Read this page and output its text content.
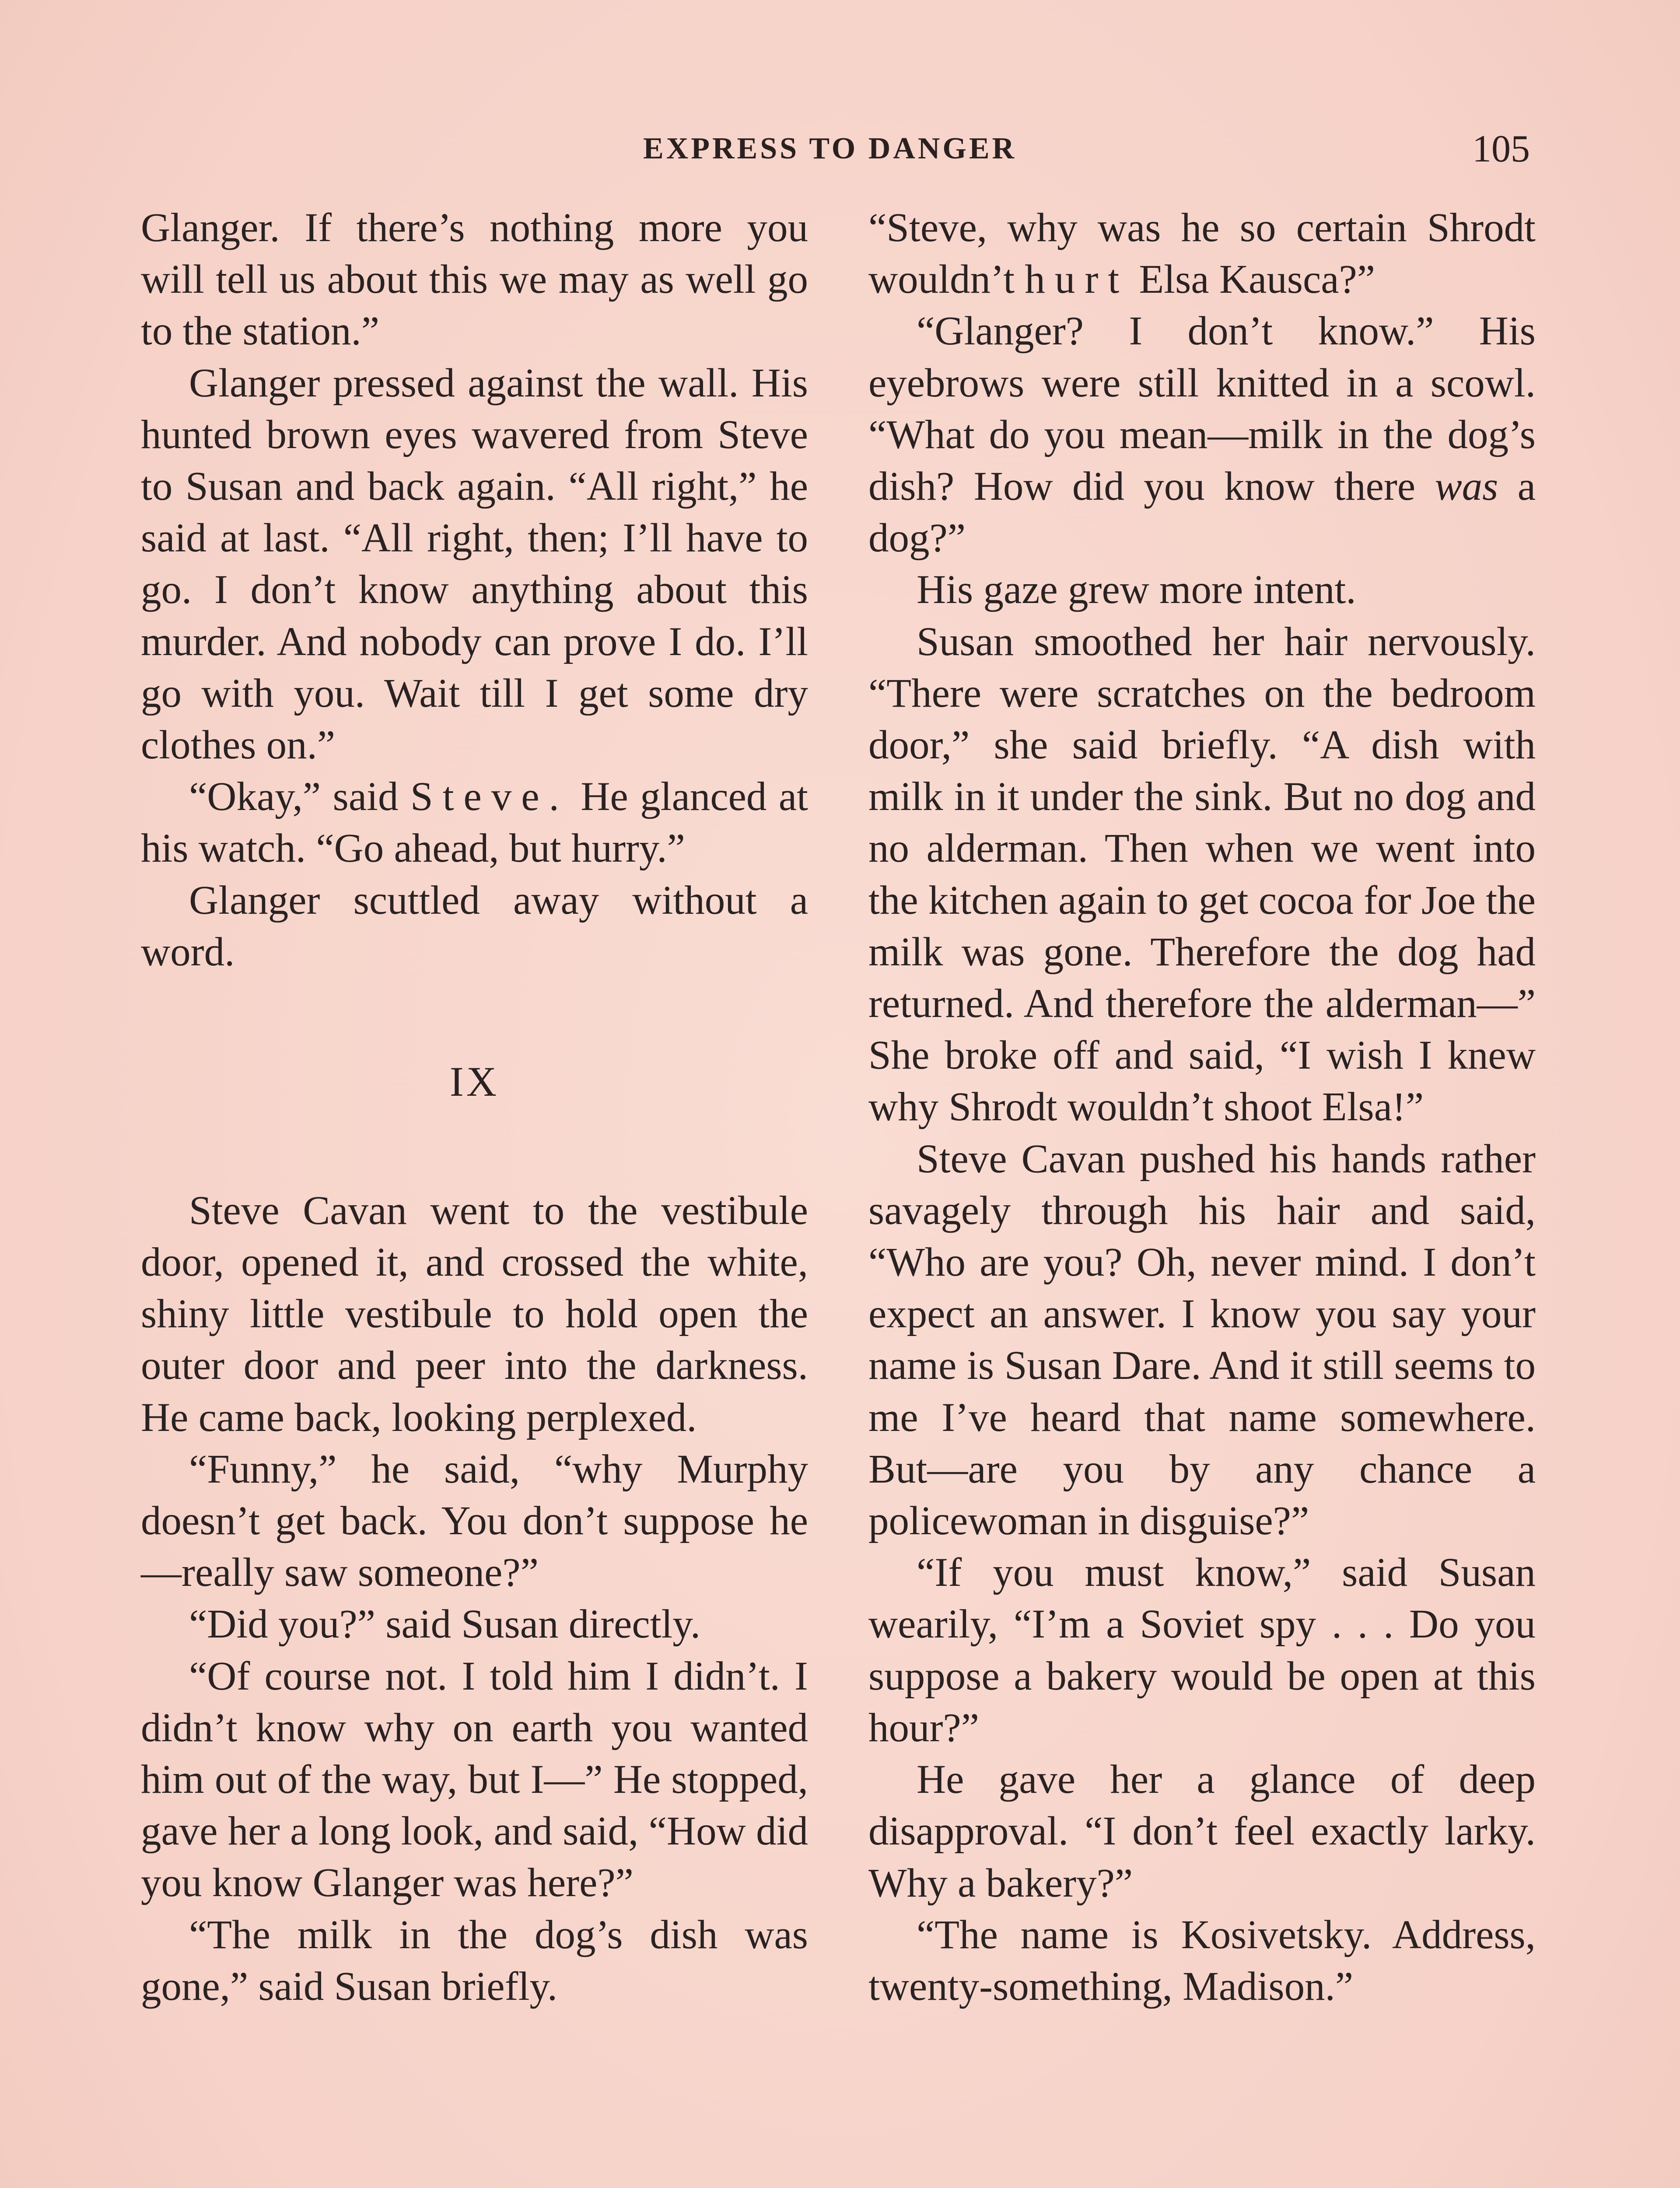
EXPRESS TO DANGER	105

Glanger. If there’s nothing more you will tell us about this we may as well go to the station.”

Glanger pressed against the wall. His hunted brown eyes wavered from Steve to Susan and back again. “All right,” he said at last. “All right, then; I’ll have to go. I don’t know anything about this murder. And nobody can prove I do. I’ll go with you. Wait till I get some dry clothes on.”

“Okay,” said Steve. He glanced at his watch. “Go ahead, but hurry.”

Glanger scuttled away without a word.

IX

Steve Cavan went to the vestibule door, opened it, and crossed the white, shiny little vestibule to hold open the outer door and peer into the darkness. He came back, looking perplexed.

“Funny,” he said, “why Murphy doesn’t get back. You don’t suppose he—really saw someone?”

“Did you?” said Susan directly.

“Of course not. I told him I didn’t. I didn’t know why on earth you wanted him out of the way, but I—” He stopped, gave her a long look, and said, “How did you know Glanger was here?”

“The milk in the dog’s dish was gone,” said Susan briefly.

“Steve, why was he so certain Shrodt wouldn’t hurt Elsa Kausca?”

“Glanger? I don’t know.” His eyebrows were still knitted in a scowl. “What do you mean—milk in the dog’s dish? How did you know there was a dog?”

His gaze grew more intent.

Susan smoothed her hair nervously. “There were scratches on the bedroom door,” she said briefly. “A dish with milk in it under the sink. But no dog and no alderman. Then when we went into the kitchen again to get cocoa for Joe the milk was gone. Therefore the dog had returned. And therefore the alderman—” She broke off and said, “I wish I knew why Shrodt wouldn’t shoot Elsa!”

Steve Cavan pushed his hands rather savagely through his hair and said, “Who are you? Oh, never mind. I don’t expect an answer. I know you say your name is Susan Dare. And it still seems to me I’ve heard that name somewhere. But—are you by any chance a policewoman in disguise?”

“If you must know,” said Susan wearily, “I’m a Soviet spy . . . Do you suppose a bakery would be open at this hour?”

He gave her a glance of deep disapproval. “I don’t feel exactly larky. Why a bakery?”

“The name is Kosivetsky. Address, twenty-something, Madison.”
